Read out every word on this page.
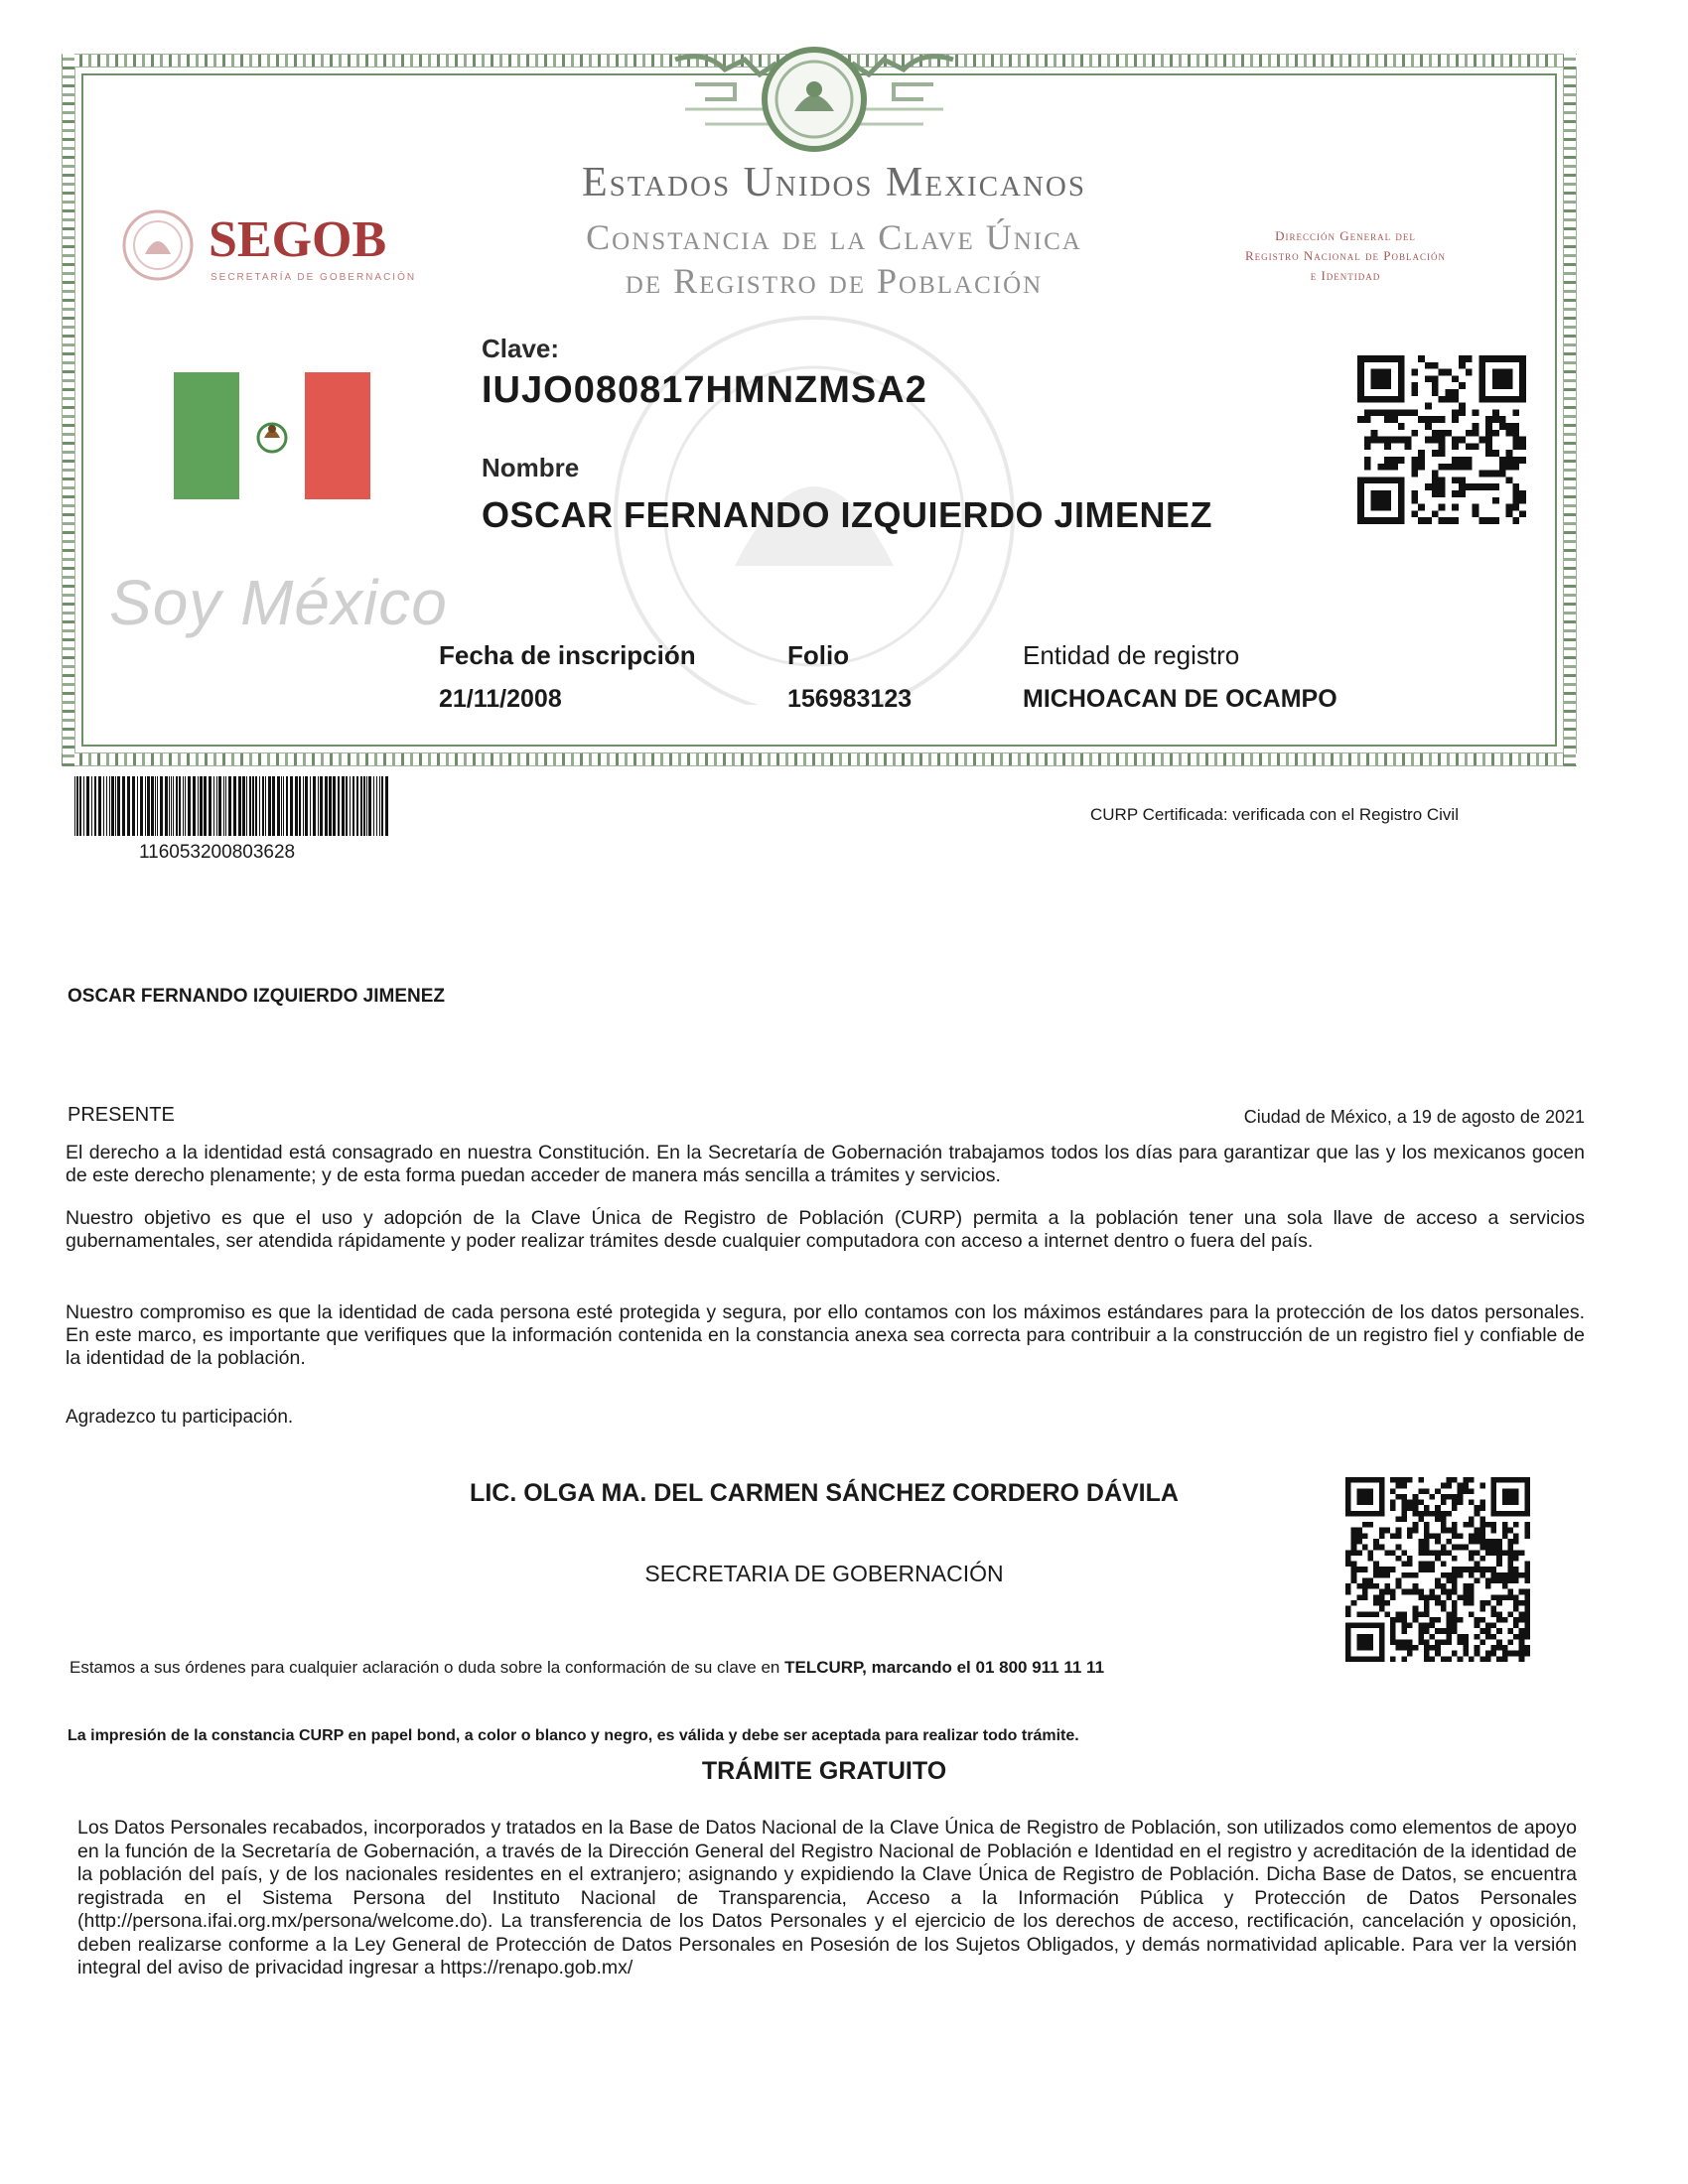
Estados Unidos Mexicanos
Constancia de la Clave Única
de Registro de Población
SEGOB
SECRETARÍA DE GOBERNACIÓN
Dirección General del
Registro Nacional de Población
e Identidad
Soy México
Clave:
IUJO080817HMNZMSA2
Nombre
OSCAR FERNANDO IZQUIERDO JIMENEZ
Fecha de inscripción
21/11/2008
Folio
156983123
Entidad de registro
MICHOACAN DE OCAMPO
116053200803628
CURP Certificada: verificada con el Registro Civil
OSCAR FERNANDO IZQUIERDO JIMENEZ
PRESENTE	Ciudad de México, a 19 de agosto de 2021
El derecho a la identidad está consagrado en nuestra Constitución. En la Secretaría de Gobernación trabajamos todos los días para garantizar que las y los mexicanos gocen de este derecho plenamente; y de esta forma puedan acceder de manera más sencilla a trámites y servicios.
Nuestro objetivo es que el uso y adopción de la Clave Única de Registro de Población (CURP) permita a la población tener una sola llave de acceso a servicios gubernamentales, ser atendida rápidamente y poder realizar trámites desde cualquier computadora con acceso a internet dentro o fuera del país.
Nuestro compromiso es que la identidad de cada persona esté protegida y segura, por ello contamos con los máximos estándares para la protección de los datos personales. En este marco, es importante que verifiques que la información contenida en la constancia anexa sea correcta para contribuir a la construcción de un registro fiel y confiable de la identidad de la población.
Agradezco tu participación.
LIC. OLGA MA. DEL CARMEN SÁNCHEZ CORDERO DÁVILA
SECRETARIA DE GOBERNACIÓN
Estamos a sus órdenes para cualquier aclaración o duda sobre la conformación de su clave en TELCURP, marcando el 01 800 911 11 11
La impresión de la constancia CURP en papel bond, a color o blanco y negro, es válida y debe ser aceptada para realizar todo trámite.
TRÁMITE GRATUITO
Los Datos Personales recabados, incorporados y tratados en la Base de Datos Nacional de la Clave Única de Registro de Población, son utilizados como elementos de apoyo en la función de la Secretaría de Gobernación, a través de la Dirección General del Registro Nacional de Población e Identidad en el registro y acreditación de la identidad de la población del país, y de los nacionales residentes en el extranjero; asignando y expidiendo la Clave Única de Registro de Población. Dicha Base de Datos, se encuentra registrada en el Sistema Persona del Instituto Nacional de Transparencia, Acceso a la Información Pública y Protección de Datos Personales (http://persona.ifai.org.mx/persona/welcome.do). La transferencia de los Datos Personales y el ejercicio de los derechos de acceso, rectificación, cancelación y oposición, deben realizarse conforme a la Ley General de Protección de Datos Personales en Posesión de los Sujetos Obligados, y demás normatividad aplicable. Para ver la versión integral del aviso de privacidad ingresar a https://renapo.gob.mx/
